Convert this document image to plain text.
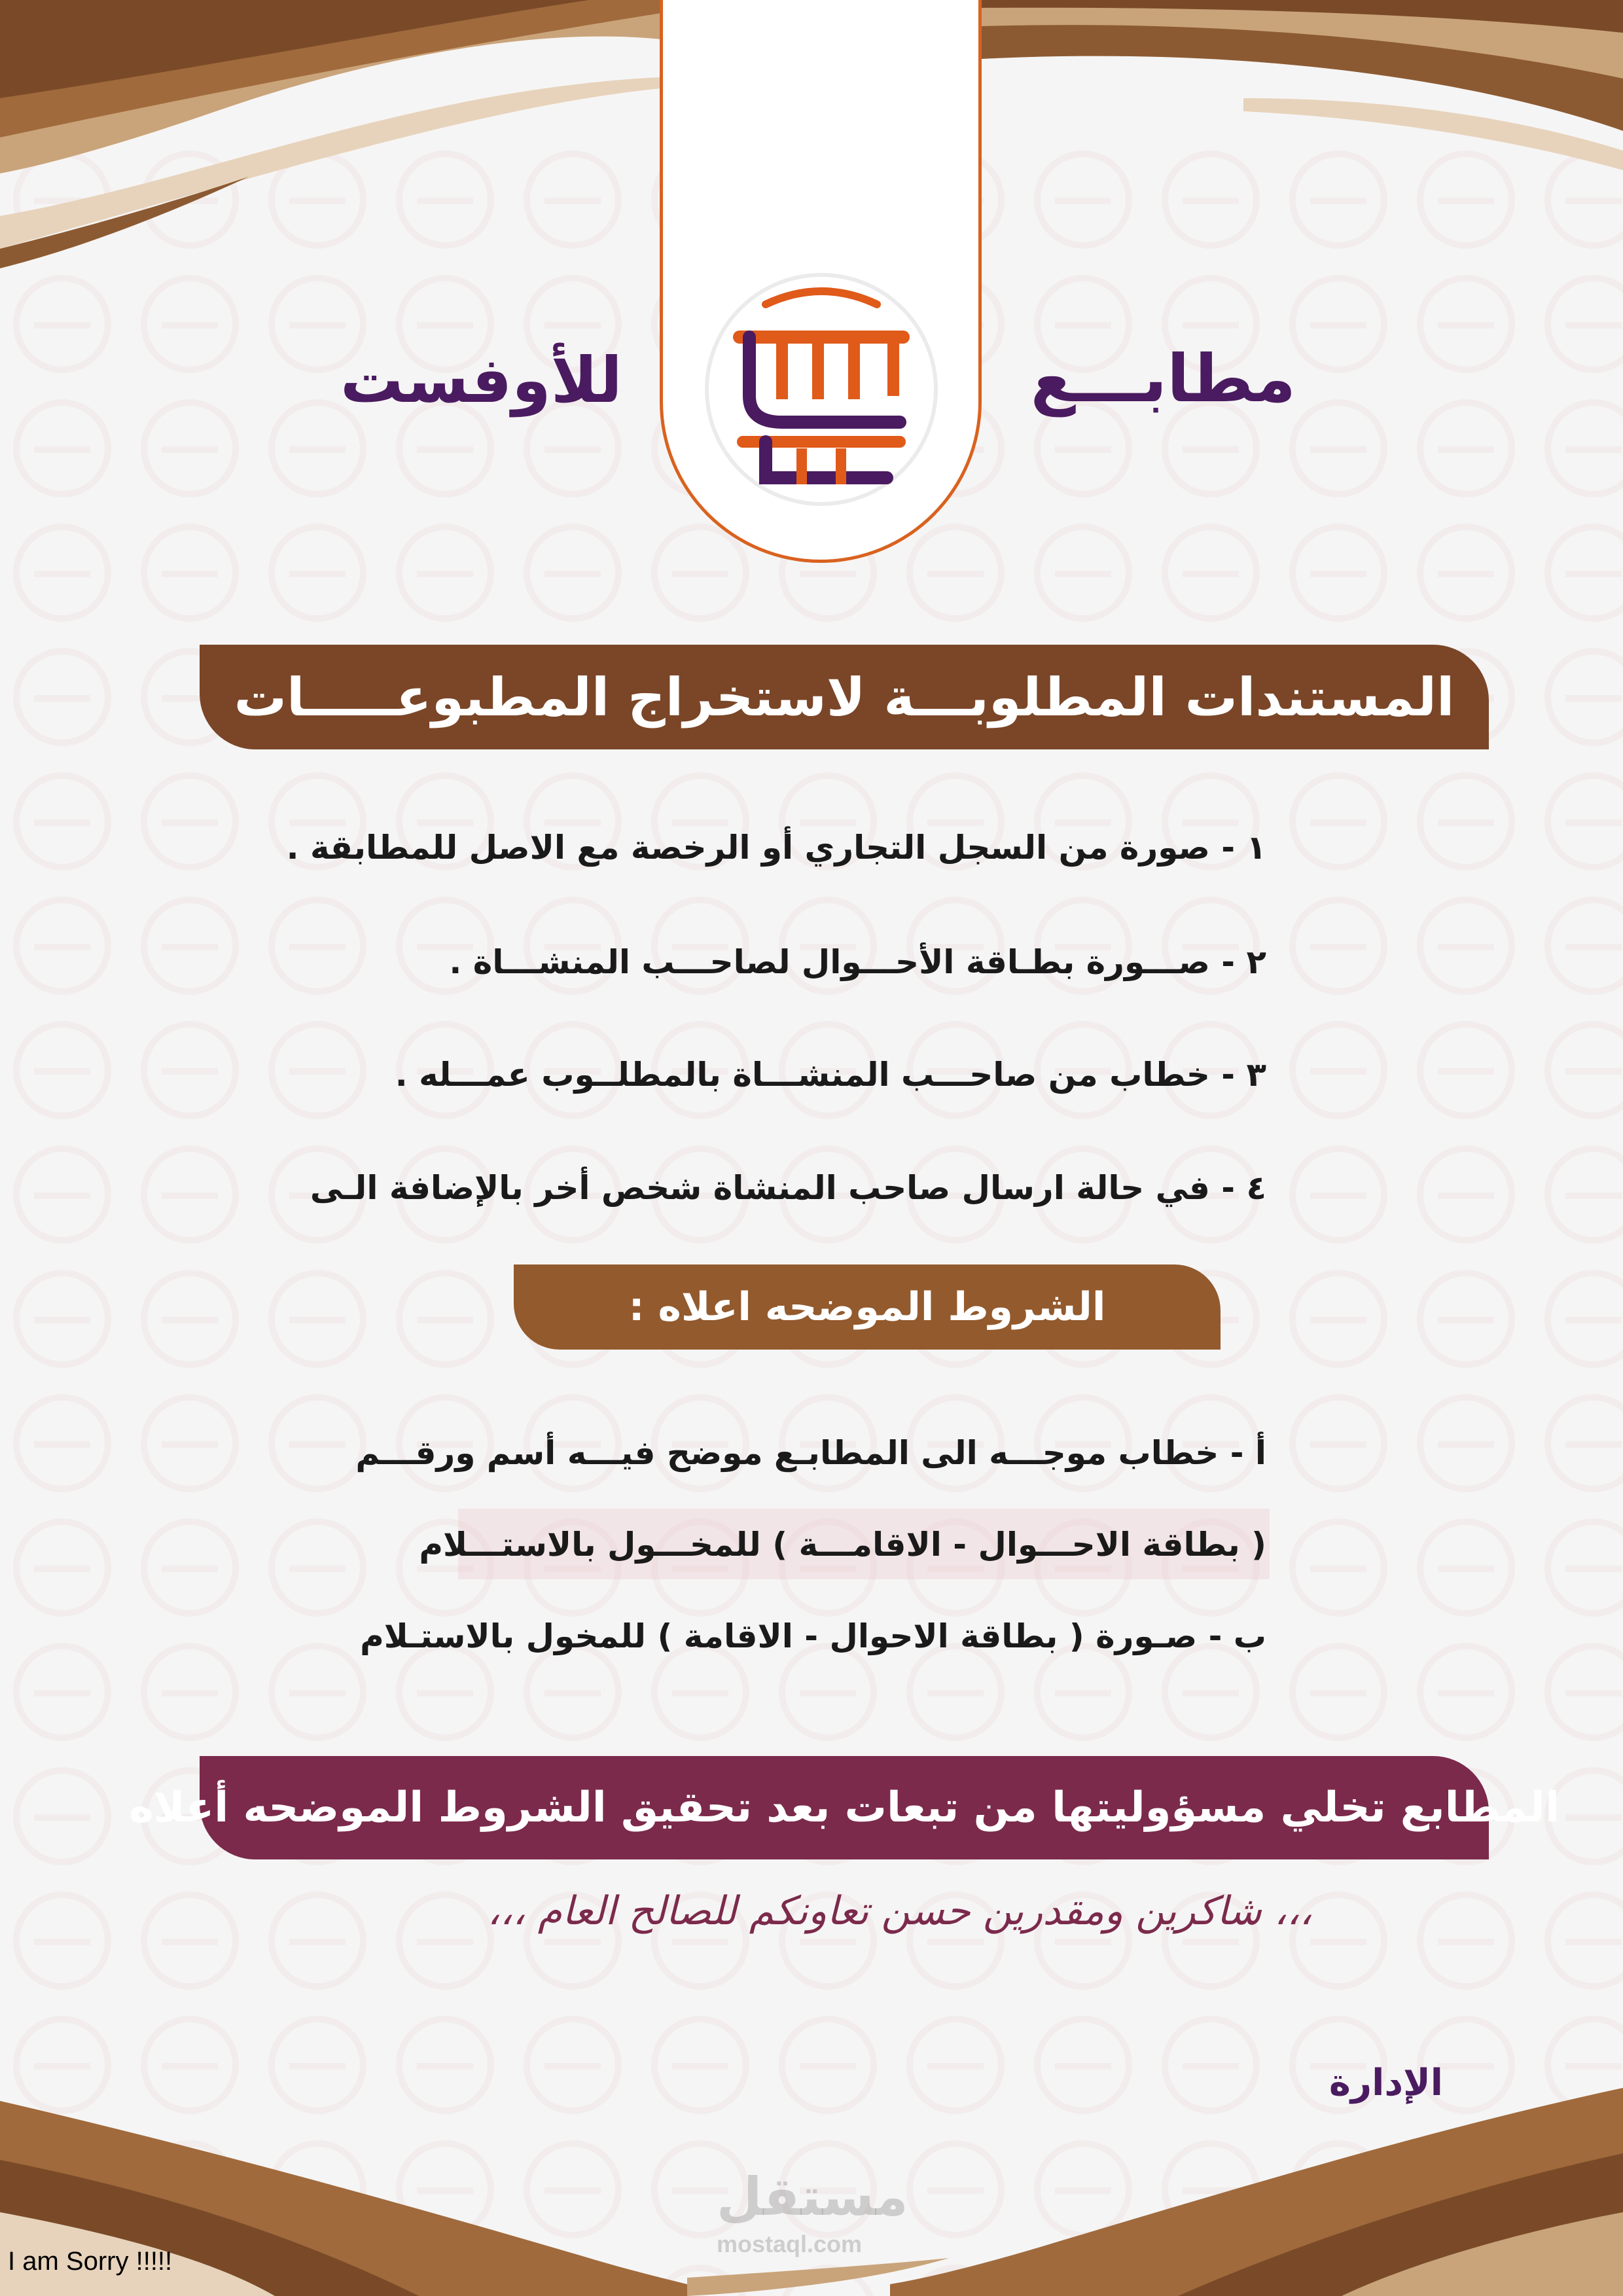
مطابـــع
للأوفست
المستندات المطلوبـــة لاستخراج المطبوعـــــات
١ - صورة من السجل التجاري أو الرخصة مع الاصل للمطابقة .
٢ - صـــورة بطـاقة الأحـــوال لصاحـــب المنشـــاة .
٣ - خطاب من صاحـــب المنشـــاة بالمطلــوب عمـــله .
٤ - في حالة ارسال صاحب المنشاة شخص أخر بالإضافة الـى
الشروط الموضحه اعلاه :
أ - خطاب موجـــه الى المطابـع موضح فيـــه أسم ورقـــم
( بطاقة الاحـــوال - الاقامـــة ) للمخـــول بالاستـــلام
ب - صـورة ( بطاقة الاحوال - الاقامة ) للمخول بالاستـلام
المطابع تخلي مسؤوليتها من تبعات بعد تحقيق الشروط الموضحه أعلاه
،،، شاكرين ومقدرين حسن تعاونكم للصالح العام ،،،
الإدارة
مستقل
mostaql.com
I am Sorry !!!!!
